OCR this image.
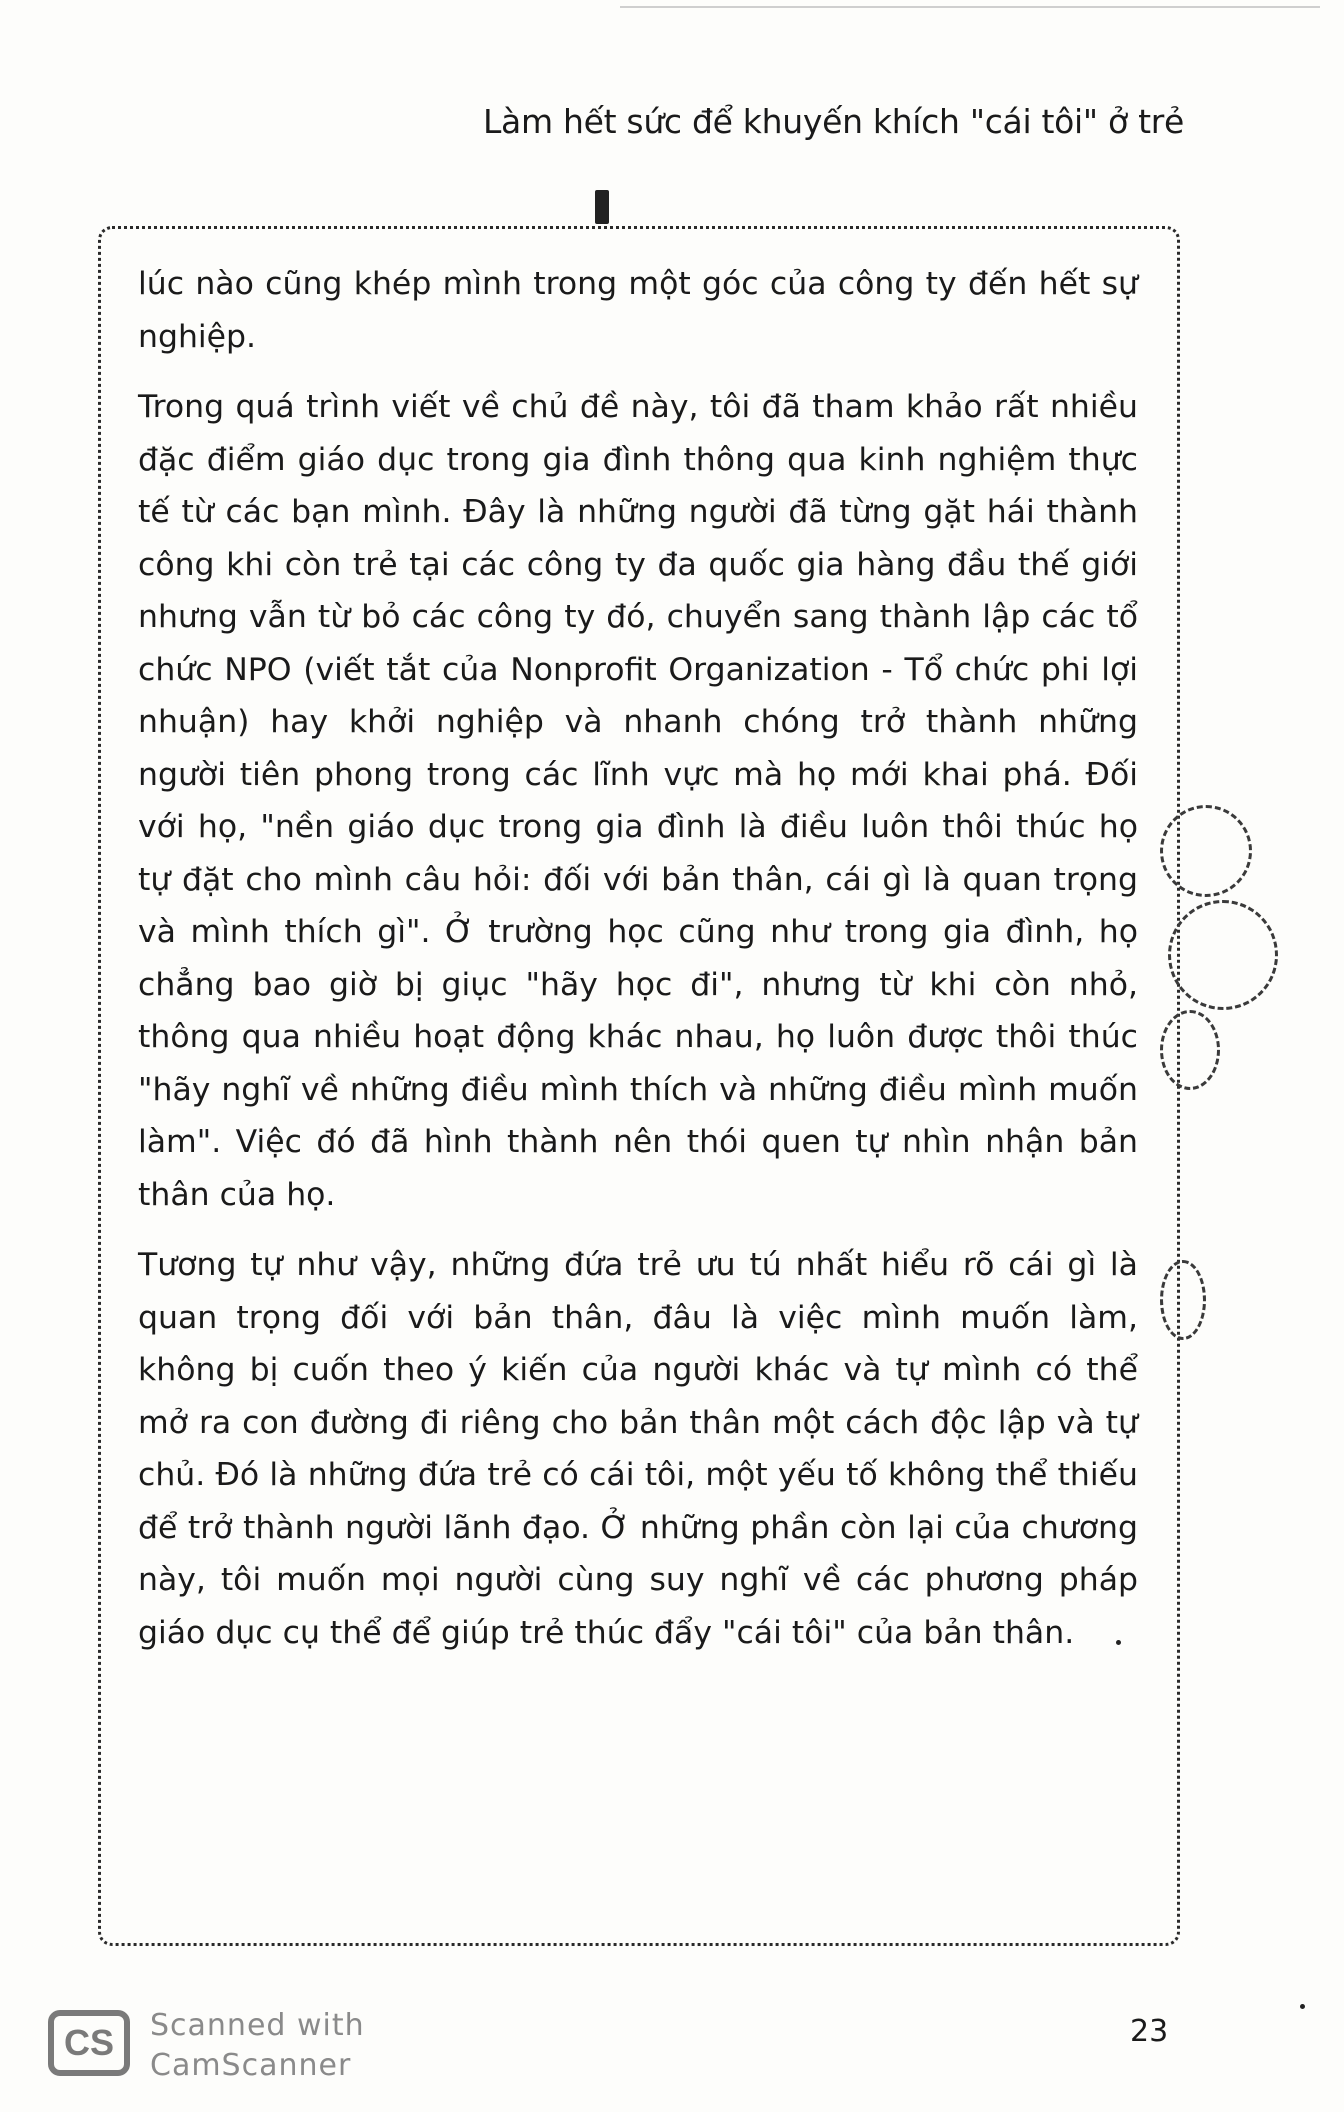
Làm hết sức để khuyến khích "cái tôi" ở trẻ

lúc nào cũng khép mình trong một góc của công ty đến hết sự nghiệp.

Trong quá trình viết về chủ đề này, tôi đã tham khảo rất nhiều đặc điểm giáo dục trong gia đình thông qua kinh nghiệm thực tế từ các bạn mình. Đây là những người đã từng gặt hái thành công khi còn trẻ tại các công ty đa quốc gia hàng đầu thế giới nhưng vẫn từ bỏ các công ty đó, chuyển sang thành lập các tổ chức NPO (viết tắt của Nonprofit Organization - Tổ chức phi lợi nhuận) hay khởi nghiệp và nhanh chóng trở thành những người tiên phong trong các lĩnh vực mà họ mới khai phá. Đối với họ, "nền giáo dục trong gia đình là điều luôn thôi thúc họ tự đặt cho mình câu hỏi: đối với bản thân, cái gì là quan trọng và mình thích gì". Ở trường học cũng như trong gia đình, họ chẳng bao giờ bị giục "hãy học đi", nhưng từ khi còn nhỏ, thông qua nhiều hoạt động khác nhau, họ luôn được thôi thúc "hãy nghĩ về những điều mình thích và những điều mình muốn làm". Việc đó đã hình thành nên thói quen tự nhìn nhận bản thân của họ.

Tương tự như vậy, những đứa trẻ ưu tú nhất hiểu rõ cái gì là quan trọng đối với bản thân, đâu là việc mình muốn làm, không bị cuốn theo ý kiến của người khác và tự mình có thể mở ra con đường đi riêng cho bản thân một cách độc lập và tự chủ. Đó là những đứa trẻ có cái tôi, một yếu tố không thể thiếu để trở thành người lãnh đạo. Ở những phần còn lại của chương này, tôi muốn mọi người cùng suy nghĩ về các phương pháp giáo dục cụ thể để giúp trẻ thúc đẩy "cái tôi" của bản thân.

CS	Scanned with
CamScanner
23
